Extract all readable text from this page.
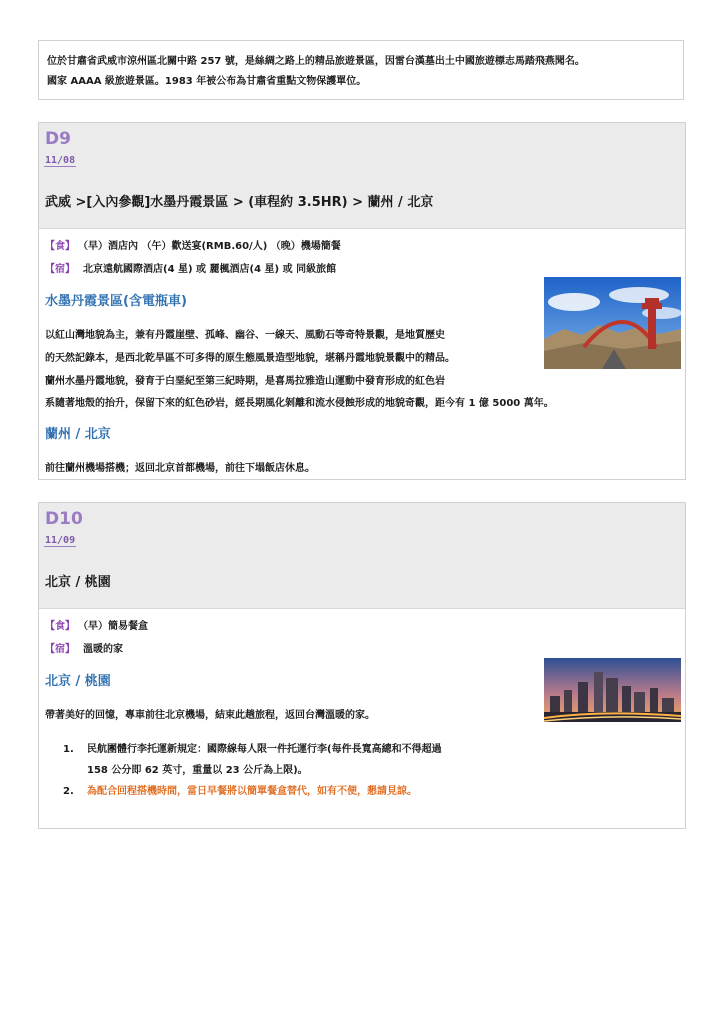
位於甘肅省武威市涼州區北關中路 257 號，是絲綢之路上的精品旅遊景區，因雷台漢墓出土中國旅遊標志馬踏飛燕聞名。

國家 AAAA 級旅遊景區。1983 年被公布為甘肅省重點文物保護單位。

D9
11/08
武威 >[入內參觀]水墨丹霞景區 > (車程約 3.5HR) > 蘭州 / 北京
【食】 （早）酒店內 （午）歡送宴(RMB.60/人) （晚）機場簡餐
【宿】 北京遠航國際酒店(4 星) 或 麗楓酒店(4 星) 或 同級旅館
水墨丹霞景區(含電瓶車)
以紅山灣地貌為主，兼有丹霞崖壁、孤峰、幽谷、一線天、風動石等奇特景觀，是地質歷史
的天然記錄本，是西北乾旱區不可多得的原生態風景造型地貌，堪稱丹霞地貌景觀中的精品。
蘭州水墨丹霞地貌，發育于白堊紀至第三紀時期，是喜馬拉雅造山運動中發育形成的紅色岩
系隨著地殼的抬升，保留下來的紅色砂岩，經長期風化剝離和流水侵蝕形成的地貌奇觀，距今有 1 億 5000 萬年。
蘭州 / 北京
前往蘭州機場搭機；返回北京首都機場，前往下塌飯店休息。
D10
11/09
北京 / 桃園
【食】 （早）簡易餐盒
【宿】 溫暖的家
北京 / 桃園
帶著美好的回憶，專車前往北京機場，結束此趟旅程，返回台灣溫暖的家。
1. 民航團體行李托運新規定：國際線每人限一件托運行李(每件長寬高總和不得超過
158 公分即 62 英寸，重量以 23 公斤為上限)。
2. 為配合回程搭機時間，當日早餐將以簡單餐盒替代，如有不便，懇請見諒。
